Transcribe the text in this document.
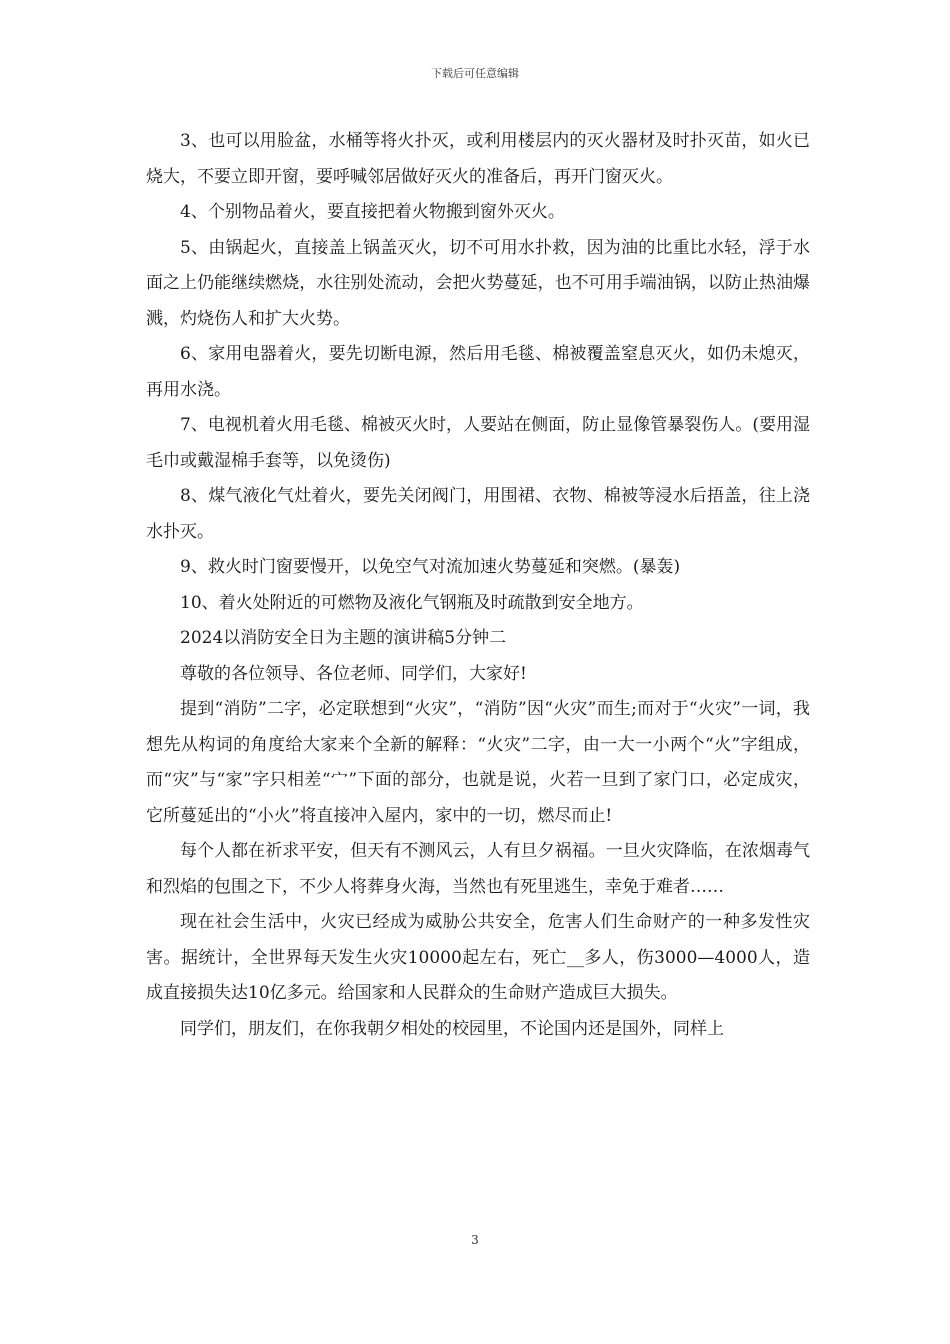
下载后可任意编辑

3、也可以用脸盆，水桶等将火扑灭，或利用楼层内的灭火器材及时扑灭苗，如火已烧大，不要立即开窗，要呼喊邻居做好灭火的准备后，再开门窗灭火。

4、个别物品着火，要直接把着火物搬到窗外灭火。

5、由锅起火，直接盖上锅盖灭火，切不可用水扑救，因为油的比重比水轻，浮于水面之上仍能继续燃烧，水往别处流动，会把火势蔓延，也不可用手端油锅，以防止热油爆溅，灼烧伤人和扩大火势。

6、家用电器着火，要先切断电源，然后用毛毯、棉被覆盖窒息灭火，如仍未熄灭，再用水浇。

7、电视机着火用毛毯、棉被灭火时，人要站在侧面，防止显像管暴裂伤人。(要用湿毛巾或戴湿棉手套等，以免烫伤)

8、煤气液化气灶着火，要先关闭阀门，用围裙、衣物、棉被等浸水后捂盖，往上浇水扑灭。

9、救火时门窗要慢开，以免空气对流加速火势蔓延和突燃。(暴轰)

10、着火处附近的可燃物及液化气钢瓶及时疏散到安全地方。

2024以消防安全日为主题的演讲稿5分钟二

尊敬的各位领导、各位老师、同学们，大家好!

提到“消防”二字，必定联想到“火灾”，“消防”因“火灾”而生;而对于“火灾”一词，我想先从构词的角度给大家来个全新的解释：“火灾”二字，由一大一小两个“火”字组成，而“灾”与“家”字只相差“宀”下面的部分，也就是说，火若一旦到了家门口，必定成灾，它所蔓延出的“小火”将直接冲入屋内，家中的一切，燃尽而止!

每个人都在祈求平安，但天有不测风云，人有旦夕祸福。一旦火灾降临，在浓烟毒气和烈焰的包围之下，不少人将葬身火海，当然也有死里逃生，幸免于难者……

现在社会生活中，火灾已经成为威胁公共安全，危害人们生命财产的一种多发性灾害。据统计，全世界每天发生火灾10000起左右，死亡__多人，伤3000—4000人，造成直接损失达10亿多元。给国家和人民群众的生命财产造成巨大损失。

同学们，朋友们，在你我朝夕相处的校园里，不论国内还是国外，同样上

3
